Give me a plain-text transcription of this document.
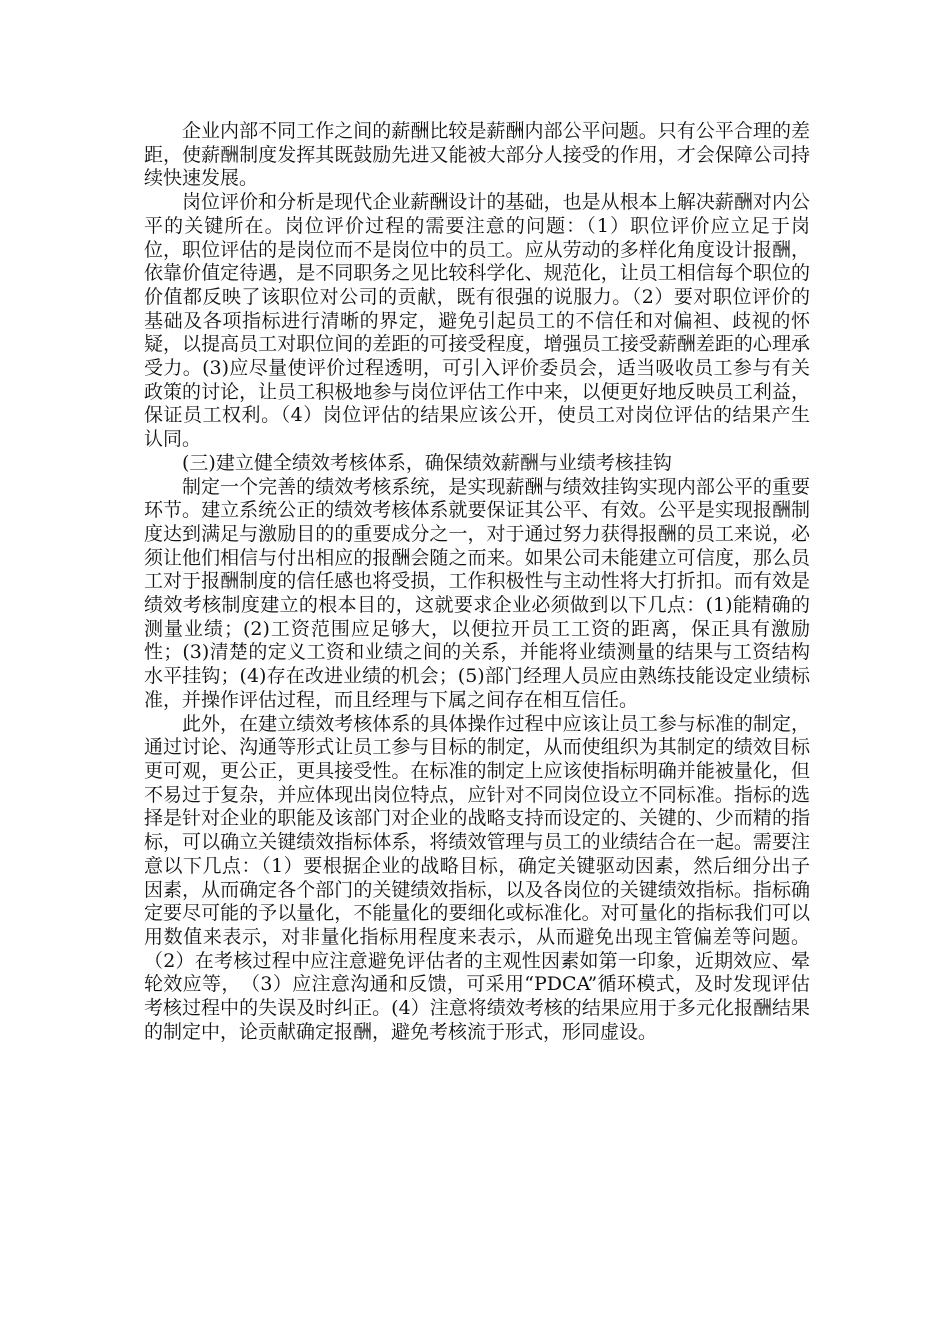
企业内部不同工作之间的薪酬比较是薪酬内部公平问题。只有公平合理的差距，使薪酬制度发挥其既鼓励先进又能被大部分人接受的作用，才会保障公司持续快速发展。

岗位评价和分析是现代企业薪酬设计的基础，也是从根本上解决薪酬对内公平的关键所在。岗位评价过程的需要注意的问题：（1）职位评价应立足于岗位，职位评估的是岗位而不是岗位中的员工。应从劳动的多样化角度设计报酬，依靠价值定待遇，是不同职务之见比较科学化、规范化，让员工相信每个职位的价值都反映了该职位对公司的贡献，既有很强的说服力。（2）要对职位评价的基础及各项指标进行清晰的界定，避免引起员工的不信任和对偏袒、歧视的怀疑，以提高员工对职位间的差距的可接受程度，增强员工接受薪酬差距的心理承受力。(3)应尽量使评价过程透明，可引入评价委员会，适当吸收员工参与有关政策的讨论，让员工积极地参与岗位评估工作中来，以便更好地反映员工利益，保证员工权利。（4）岗位评估的结果应该公开，使员工对岗位评估的结果产生认同。

(三)建立健全绩效考核体系，确保绩效薪酬与业绩考核挂钩

制定一个完善的绩效考核系统，是实现薪酬与绩效挂钩实现内部公平的重要环节。建立系统公正的绩效考核体系就要保证其公平、有效。公平是实现报酬制度达到满足与激励目的的重要成分之一，对于通过努力获得报酬的员工来说，必须让他们相信与付出相应的报酬会随之而来。如果公司未能建立可信度，那么员工对于报酬制度的信任感也将受损，工作积极性与主动性将大打折扣。而有效是绩效考核制度建立的根本目的，这就要求企业必须做到以下几点：(1)能精确的测量业绩；(2)工资范围应足够大，以便拉开员工工资的距离，保正具有激励性；(3)清楚的定义工资和业绩之间的关系，并能将业绩测量的结果与工资结构水平挂钩；(4)存在改进业绩的机会；(5)部门经理人员应由熟练技能设定业绩标准，并操作评估过程，而且经理与下属之间存在相互信任。

此外，在建立绩效考核体系的具体操作过程中应该让员工参与标准的制定，通过讨论、沟通等形式让员工参与目标的制定，从而使组织为其制定的绩效目标更可观，更公正，更具接受性。在标准的制定上应该使指标明确并能被量化，但不易过于复杂，并应体现出岗位特点，应针对不同岗位设立不同标准。指标的选择是针对企业的职能及该部门对企业的战略支持而设定的、关键的、少而精的指标，可以确立关键绩效指标体系，将绩效管理与员工的业绩结合在一起。需要注意以下几点：（1）要根据企业的战略目标，确定关键驱动因素，然后细分出子因素，从而确定各个部门的关键绩效指标，以及各岗位的关键绩效指标。指标确定要尽可能的予以量化，不能量化的要细化或标准化。对可量化的指标我们可以用数值来表示，对非量化指标用程度来表示，从而避免出现主管偏差等问题。（2）在考核过程中应注意避免评估者的主观性因素如第一印象，近期效应、晕轮效应等，　（3）应注意沟通和反馈，可采用“PDCA”循环模式，及时发现评估考核过程中的失误及时纠正。(4）注意将绩效考核的结果应用于多元化报酬结果的制定中，论贡献确定报酬，避免考核流于形式，形同虚设。
